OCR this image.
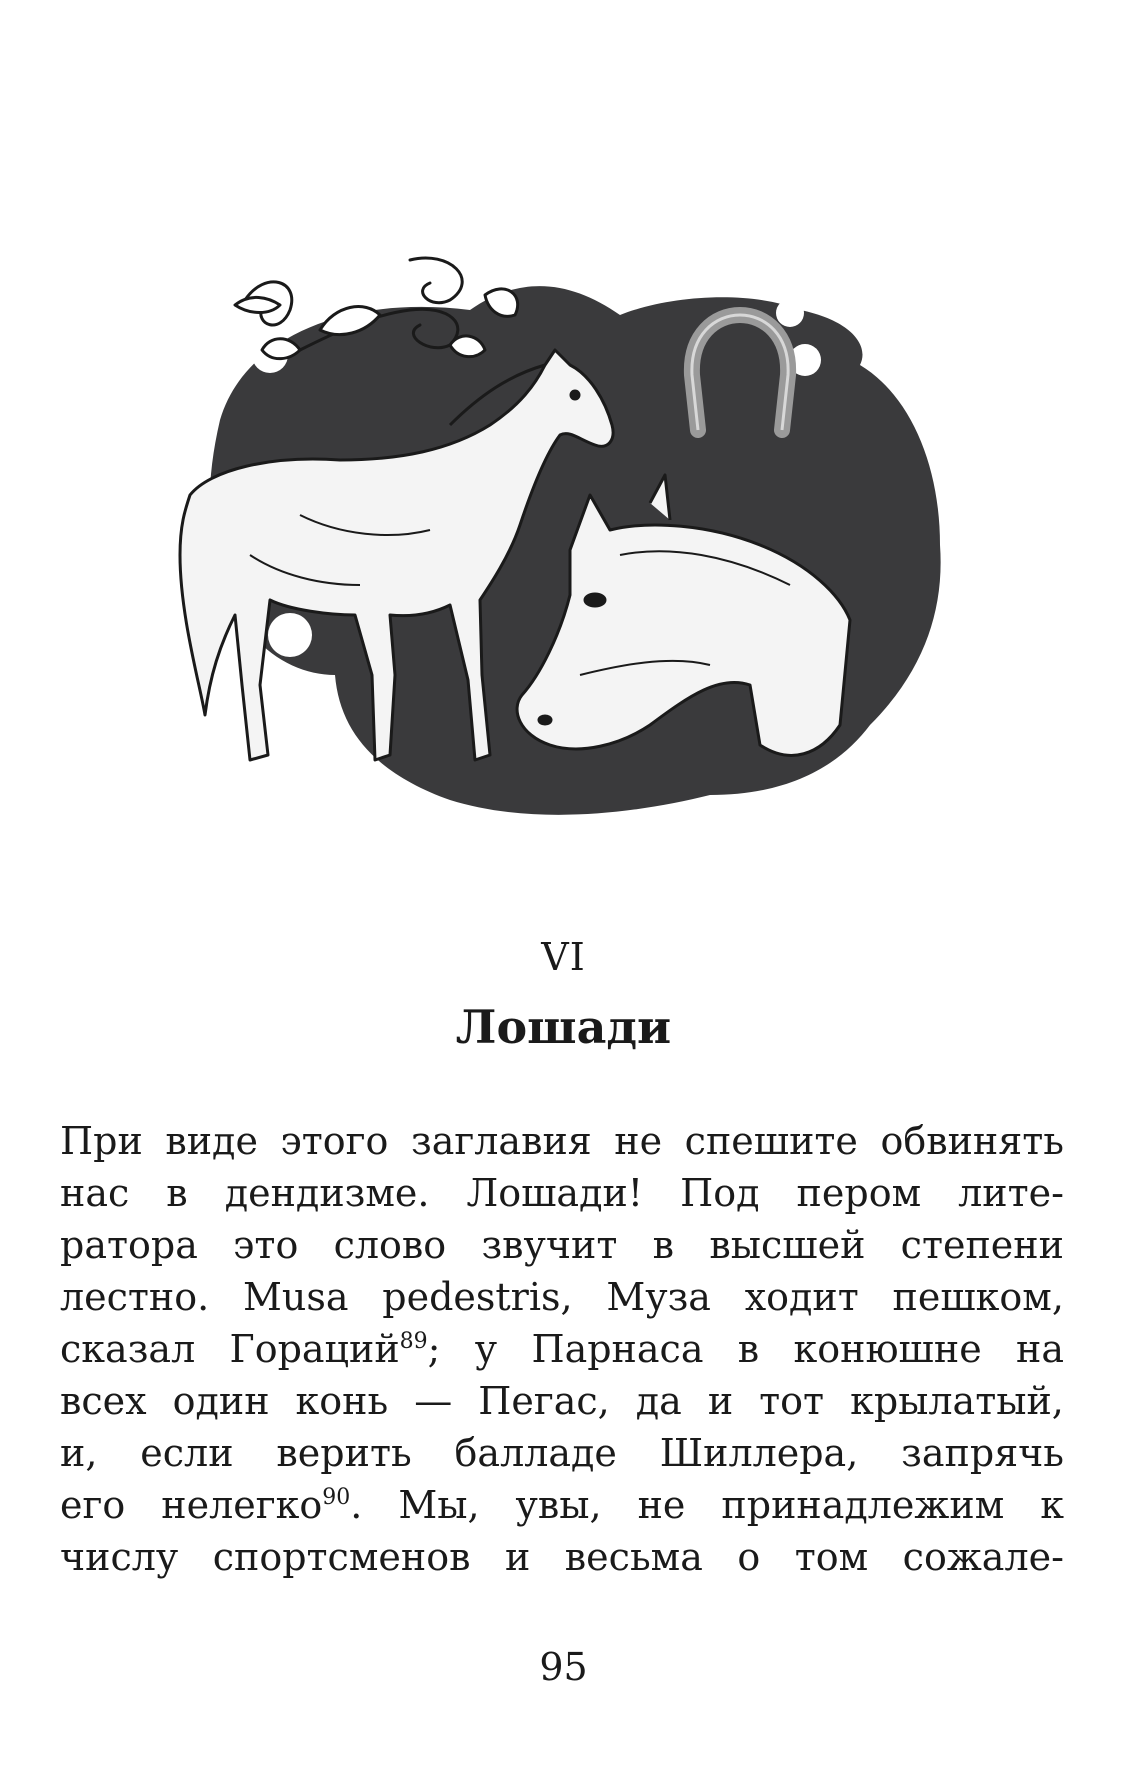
VI
Лошади
При виде этого заглавия не спешите обвинять
нас в дендизме. Лошади! Под пером лите-
ратора это слово звучит в высшей степени
лестно. Musa pedestris, Муза ходит пешком,
сказал Гораций$^{89}$; у Парнаса в конюшне на
всех один конь — Пегас, да и тот крылатый,
и, если верить балладе Шиллера, запрячь
его нелегко$^{90}$. Мы, увы, не принадлежим к
числу спортсменов и весьма о том сожале-
95
